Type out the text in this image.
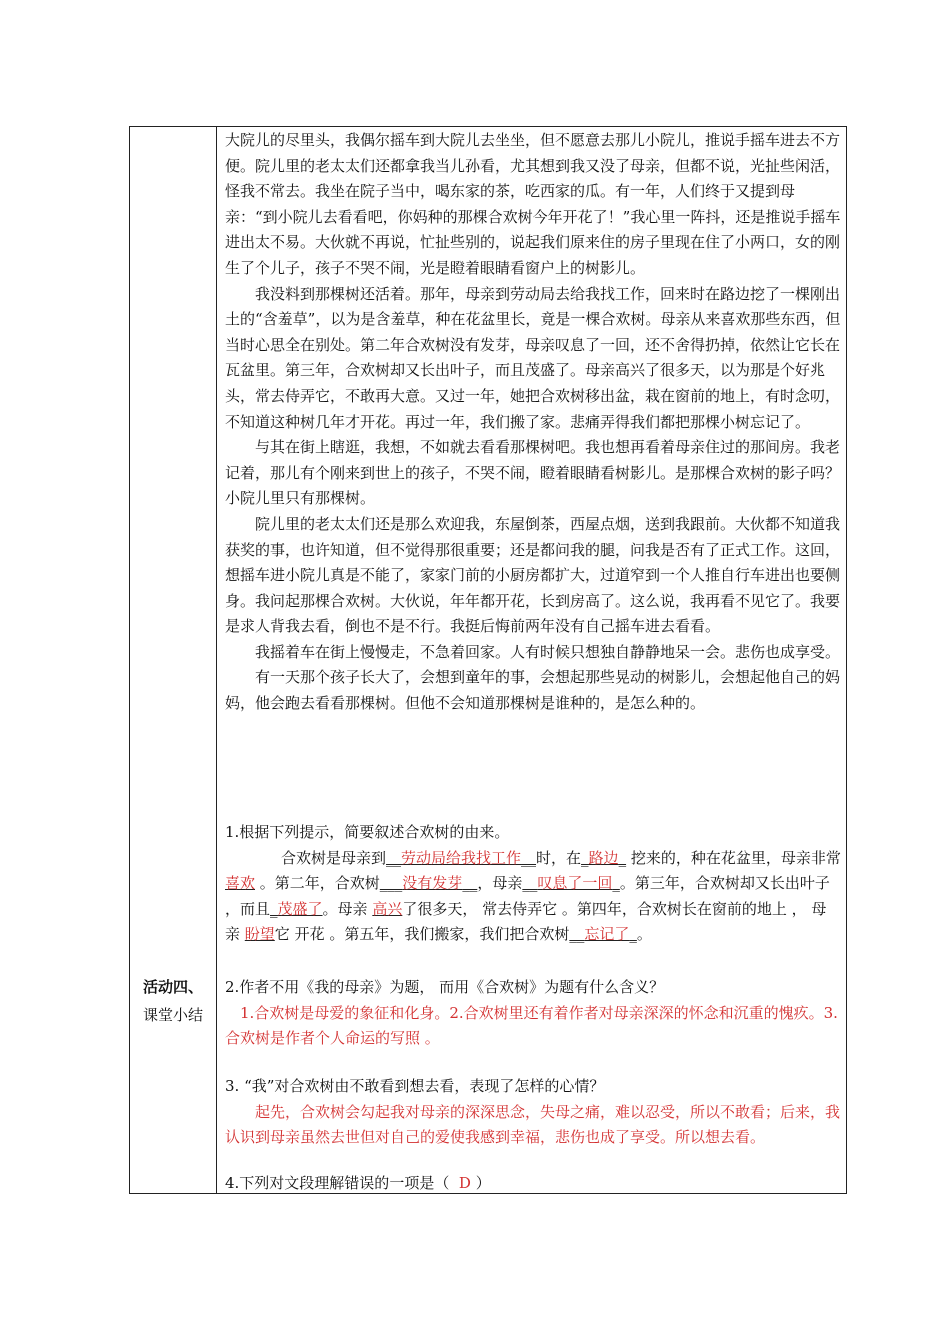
活动四、
课堂小结

大院儿的尽里头，我偶尔摇车到大院儿去坐坐，但不愿意去那儿小院儿，推说手摇车进去不方便。院儿里的老太太们还都拿我当儿孙看，尤其想到我又没了母亲，但都不说，光扯些闲活，怪我不常去。我坐在院子当中，喝东家的茶，吃西家的瓜。有一年，人们终于又提到母亲：“到小院儿去看看吧，你妈种的那棵合欢树今年开花了！”我心里一阵抖，还是推说手摇车进出太不易。大伙就不再说，忙扯些别的，说起我们原来住的房子里现在住了小两口，女的刚生了个儿子，孩子不哭不闹，光是瞪着眼睛看窗户上的树影儿。

我没料到那棵树还活着。那年，母亲到劳动局去给我找工作，回来时在路边挖了一棵刚出土的“含羞草”，以为是含羞草，种在花盆里长，竟是一棵合欢树。母亲从来喜欢那些东西，但当时心思全在别处。第二年合欢树没有发芽，母亲叹息了一回，还不舍得扔掉，依然让它长在瓦盆里。第三年，合欢树却又长出叶子，而且茂盛了。母亲高兴了很多天，以为那是个好兆头，常去侍弄它，不敢再大意。又过一年，她把合欢树移出盆，栽在窗前的地上，有时念叨，不知道这种树几年才开花。再过一年，我们搬了家。悲痛弄得我们都把那棵小树忘记了。

与其在街上瞎逛，我想，不如就去看看那棵树吧。我也想再看着母亲住过的那间房。我老记着，那儿有个刚来到世上的孩子，不哭不闹，瞪着眼睛看树影儿。是那棵合欢树的影子吗？小院儿里只有那棵树。

院儿里的老太太们还是那么欢迎我，东屋倒茶，西屋点烟，送到我跟前。大伙都不知道我获奖的事，也许知道，但不觉得那很重要；还是都问我的腿，问我是否有了正式工作。这回，想摇车进小院儿真是不能了，家家门前的小厨房都扩大，过道窄到一个人推自行车进出也要侧身。我问起那棵合欢树。大伙说，年年都开花，长到房高了。这么说，我再看不见它了。我要是求人背我去看，倒也不是不行。我挺后悔前两年没有自己摇车进去看看。

我摇着车在街上慢慢走，不急着回家。人有时候只想独自静静地呆一会。悲伤也成享受。

有一天那个孩子长大了，会想到童年的事，会想起那些晃动的树影儿，会想起他自己的妈妈，他会跑去看看那棵树。但他不会知道那棵树是谁种的，是怎么种的。

1.根据下列提示，简要叙述合欢树的由来。

合欢树是母亲到__劳动局给我找工作__时，在_路边_ 挖来的，种在花盆里，母亲非常喜欢 。第二年，合欢树___没有发芽__，母亲__叹息了一回_。第三年，合欢树却又长出叶子 ，而且_茂盛了。母亲 高兴了很多天， 常去侍弄它 。第四年，合欢树长在窗前的地上 ， 母亲 盼望它 开花 。第五年，我们搬家，我们把合欢树__忘记了_。

2.作者不用《我的母亲》为题， 而用《合欢树》为题有什么含义？

1.合欢树是母爱的象征和化身。2.合欢树里还有着作者对母亲深深的怀念和沉重的愧疚。3.合欢树是作者个人命运的写照 。

3. “我”对合欢树由不敢看到想去看，表现了怎样的心情？

起先，合欢树会勾起我对母亲的深深思念，失母之痛，难以忍受，所以不敢看；后来，我认识到母亲虽然去世但对自己的爱使我感到幸福，悲伤也成了享受。所以想去看。

4.下列对文段理解错误的一项是（ D ）
